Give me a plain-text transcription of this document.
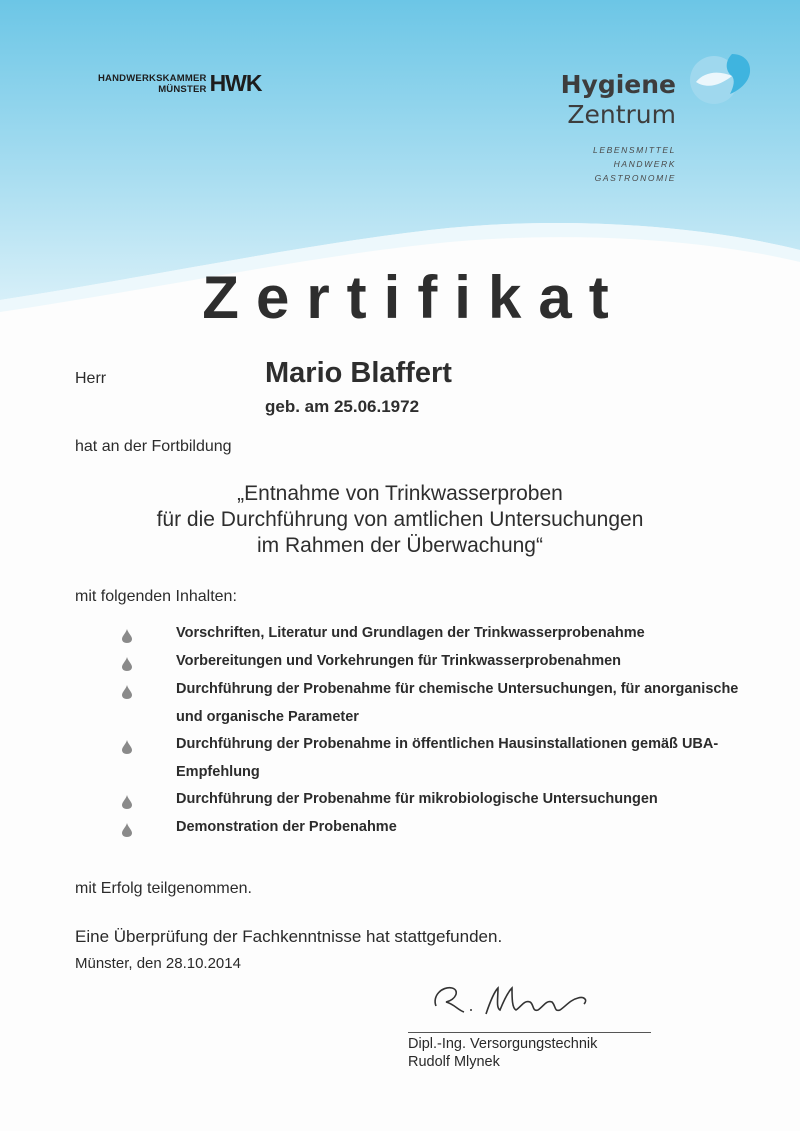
HANDWERKSKAMMER
MÜNSTER HWK	Hygiene
Zentrum
LEBENSMITTEL
HANDWERK
GASTRONOMIE
Zertifikat
Herr	Mario Blaffert
geb. am 25.06.1972
hat an der Fortbildung
„Entnahme von Trinkwasserproben
für die Durchführung von amtlichen Untersuchungen
im Rahmen der Überwachung“
mit folgenden Inhalten:
Vorschriften, Literatur und Grundlagen der Trinkwasserprobenahme
Vorbereitungen und Vorkehrungen für Trinkwasserprobenahmen
Durchführung der Probenahme für chemische Untersuchungen, für anorganische und organische Parameter
Durchführung der Probenahme in öffentlichen Hausinstallationen gemäß UBA-Empfehlung
Durchführung der Probenahme für mikrobiologische Untersuchungen
Demonstration der Probenahme
mit Erfolg teilgenommen.
Eine Überprüfung der Fachkenntnisse hat stattgefunden.
Münster, den 28.10.2014
Dipl.-Ing. Versorgungstechnik
Rudolf Mlynek
